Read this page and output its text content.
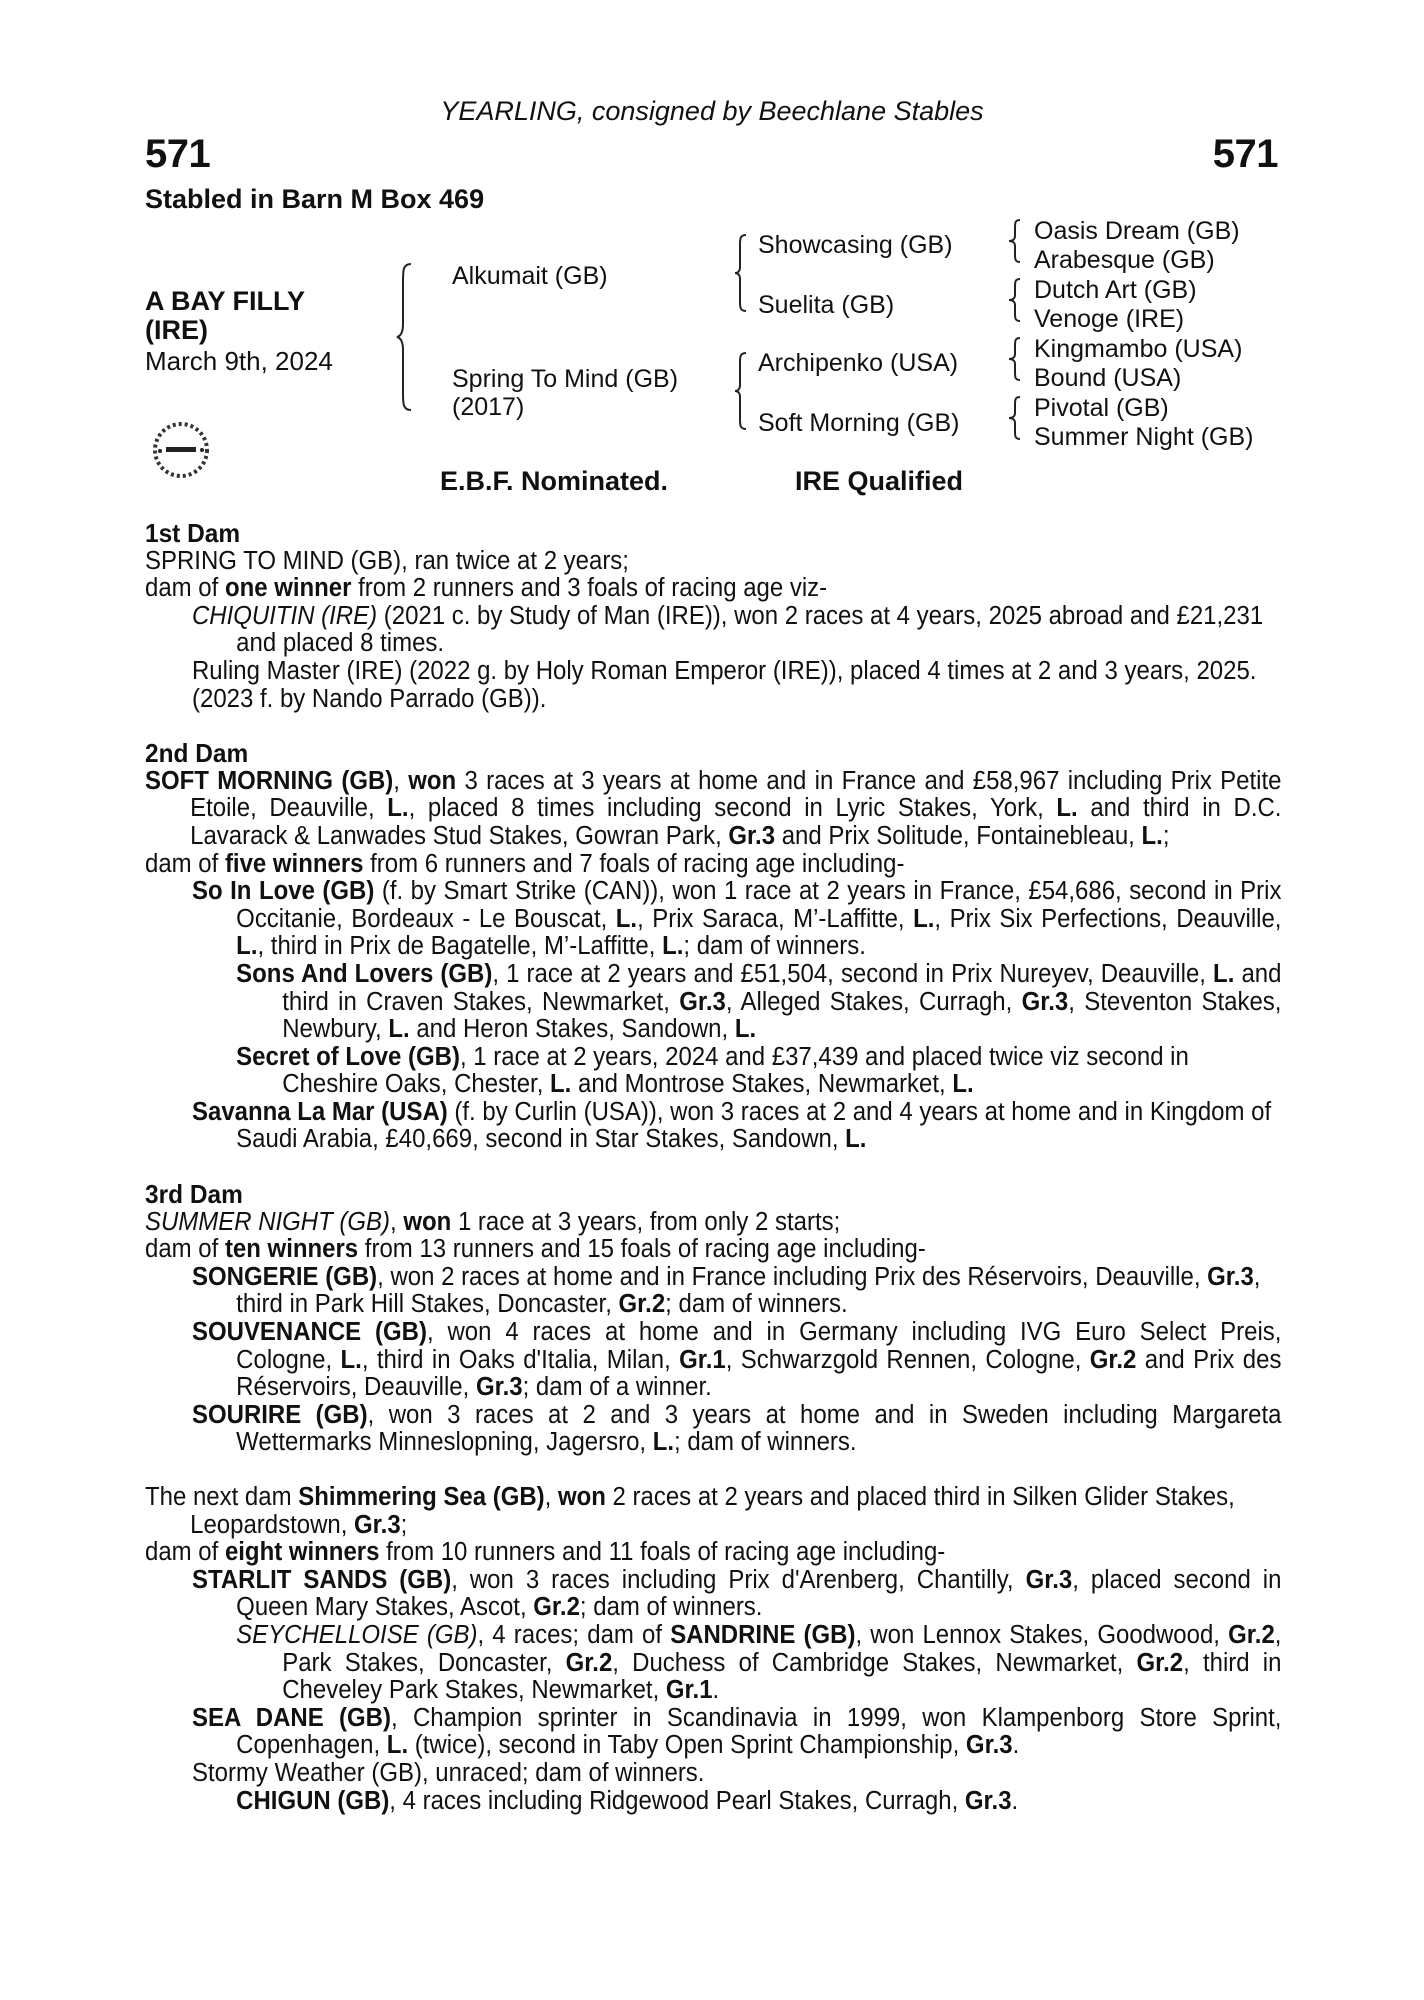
YEARLING, consigned by Beechlane Stables
571	571
Stabled in Barn M Box 469
A BAY FILLY
(IRE)
March 9th, 2024
Alkumait (GB)
Spring To Mind (GB)
(2017)
Showcasing (GB)
Suelita (GB)
Archipenko (USA)
Soft Morning (GB)
Oasis Dream (GB)
Arabesque (GB)
Dutch Art (GB)
Venoge (IRE)
Kingmambo (USA)
Bound (USA)
Pivotal (GB)
Summer Night (GB)
E.B.F. Nominated.	IRE Qualified
1st Dam
SPRING TO MIND (GB), ran twice at 2 years;
dam of one winner from 2 runners and 3 foals of racing age viz-
CHIQUITIN (IRE) (2021 c. by Study of Man (IRE)), won 2 races at 4 years, 2025 abroad and £21,231 and placed 8 times.
Ruling Master (IRE) (2022 g. by Holy Roman Emperor (IRE)), placed 4 times at 2 and 3 years, 2025.
(2023 f. by Nando Parrado (GB)).
2nd Dam
SOFT MORNING (GB), won 3 races at 3 years at home and in France and £58,967 including Prix Petite Etoile, Deauville, L., placed 8 times including second in Lyric Stakes, York, L. and third in D.C. Lavarack & Lanwades Stud Stakes, Gowran Park, Gr.3 and Prix Solitude, Fontainebleau, L.;
dam of five winners from 6 runners and 7 foals of racing age including-
So In Love (GB) (f. by Smart Strike (CAN)), won 1 race at 2 years in France, £54,686, second in Prix Occitanie, Bordeaux - Le Bouscat, L., Prix Saraca, M’-Laffitte, L., Prix Six Perfections, Deauville, L., third in Prix de Bagatelle, M’-Laffitte, L.; dam of winners.
Sons And Lovers (GB), 1 race at 2 years and £51,504, second in Prix Nureyev, Deauville, L. and third in Craven Stakes, Newmarket, Gr.3, Alleged Stakes, Curragh, Gr.3, Steventon Stakes, Newbury, L. and Heron Stakes, Sandown, L.
Secret of Love (GB), 1 race at 2 years, 2024 and £37,439 and placed twice viz second in Cheshire Oaks, Chester, L. and Montrose Stakes, Newmarket, L.
Savanna La Mar (USA) (f. by Curlin (USA)), won 3 races at 2 and 4 years at home and in Kingdom of Saudi Arabia, £40,669, second in Star Stakes, Sandown, L.
3rd Dam
SUMMER NIGHT (GB), won 1 race at 3 years, from only 2 starts;
dam of ten winners from 13 runners and 15 foals of racing age including-
SONGERIE (GB), won 2 races at home and in France including Prix des Réservoirs, Deauville, Gr.3, third in Park Hill Stakes, Doncaster, Gr.2; dam of winners.
SOUVENANCE (GB), won 4 races at home and in Germany including IVG Euro Select Preis, Cologne, L., third in Oaks d'Italia, Milan, Gr.1, Schwarzgold Rennen, Cologne, Gr.2 and Prix des Réservoirs, Deauville, Gr.3; dam of a winner.
SOURIRE (GB), won 3 races at 2 and 3 years at home and in Sweden including Margareta Wettermarks Minneslopning, Jagersro, L.; dam of winners.
The next dam Shimmering Sea (GB), won 2 races at 2 years and placed third in Silken Glider Stakes, Leopardstown, Gr.3;
dam of eight winners from 10 runners and 11 foals of racing age including-
STARLIT SANDS (GB), won 3 races including Prix d'Arenberg, Chantilly, Gr.3, placed second in Queen Mary Stakes, Ascot, Gr.2; dam of winners.
SEYCHELLOISE (GB), 4 races; dam of SANDRINE (GB), won Lennox Stakes, Goodwood, Gr.2, Park Stakes, Doncaster, Gr.2, Duchess of Cambridge Stakes, Newmarket, Gr.2, third in Cheveley Park Stakes, Newmarket, Gr.1.
SEA DANE (GB), Champion sprinter in Scandinavia in 1999, won Klampenborg Store Sprint, Copenhagen, L. (twice), second in Taby Open Sprint Championship, Gr.3.
Stormy Weather (GB), unraced; dam of winners.
CHIGUN (GB), 4 races including Ridgewood Pearl Stakes, Curragh, Gr.3.
